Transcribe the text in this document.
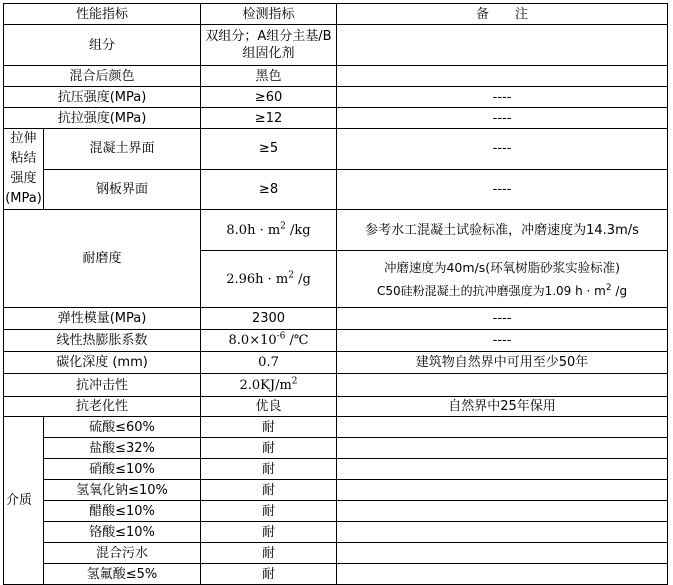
性能指标		检测指标	备　　注
组分		双组分；A组分主基/B组固化剂	
混合后颜色		黑色	
抗压强度(MPa)		≥60	----
抗拉强度(MPa)		≥12	----
拉伸粘结强度(MPa)	混凝土界面	≥5	----
	钢板界面	≥8	----
耐磨度		$8.0h \cdot m^2$ /kg	参考水工混凝土试验标准，冲磨速度为14.3m/s
		$2.96h \cdot m^2$ /g	冲磨速度为40m/s(环氧树脂砂浆实验标准)
C50硅粉混凝土的抗冲磨强度为1.09 $h \cdot m^2$ /g

弹性模量(MPa)		2300	----
线性热膨胀系数		$8.0\times 10^{-6}$ /℃	----
碳化深度 (mm)		0.7	建筑物自然界中可用至少50年
抗冲击性		$2.0KJ/m^2$	
抗老化性		优良	自然界中25年保用
介质	硫酸≤60%	耐	
	盐酸≤32%	耐	
	硝酸≤10%	耐	
	氢氧化钠≤10%	耐	
	醋酸≤10%	耐	
	铬酸≤10%	耐	
	混合污水	耐	
	氢氟酸≤5%	耐	
